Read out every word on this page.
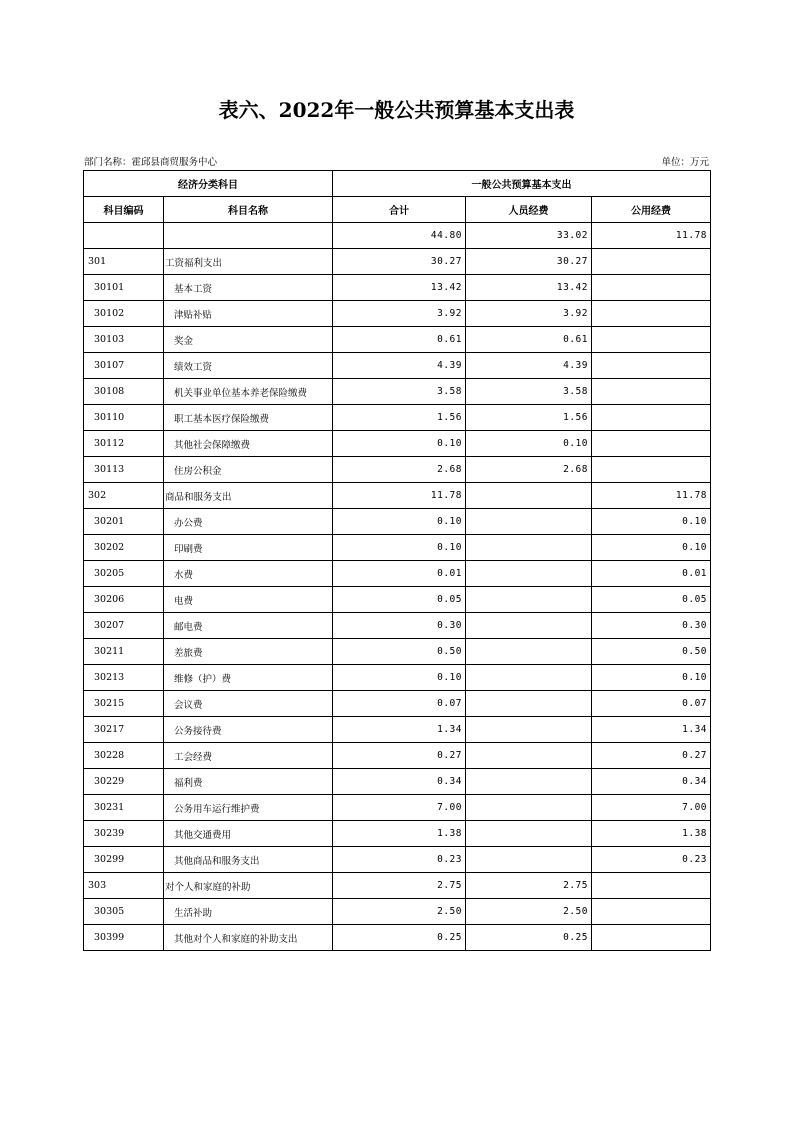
表六、2022年一般公共预算基本支出表
部门名称：霍邱县商贸服务中心	单位：万元
经济分类科目		一般公共预算基本支出		
科目编码	科目名称	合计	人员经费	公用经费
		44.80	33.02	11.78
301	工资福利支出	30.27	30.27	
30101	基本工资	13.42	13.42	
30102	津贴补贴	3.92	3.92	
30103	奖金	0.61	0.61	
30107	绩效工资	4.39	4.39	
30108	机关事业单位基本养老保险缴费	3.58	3.58	
30110	职工基本医疗保险缴费	1.56	1.56	
30112	其他社会保障缴费	0.10	0.10	
30113	住房公积金	2.68	2.68	
302	商品和服务支出	11.78		11.78
30201	办公费	0.10		0.10
30202	印刷费	0.10		0.10
30205	水费	0.01		0.01
30206	电费	0.05		0.05
30207	邮电费	0.30		0.30
30211	差旅费	0.50		0.50
30213	维修（护）费	0.10		0.10
30215	会议费	0.07		0.07
30217	公务接待费	1.34		1.34
30228	工会经费	0.27		0.27
30229	福利费	0.34		0.34
30231	公务用车运行维护费	7.00		7.00
30239	其他交通费用	1.38		1.38
30299	其他商品和服务支出	0.23		0.23
303	对个人和家庭的补助	2.75	2.75	
30305	生活补助	2.50	2.50	
30399	其他对个人和家庭的补助支出	0.25	0.25	
